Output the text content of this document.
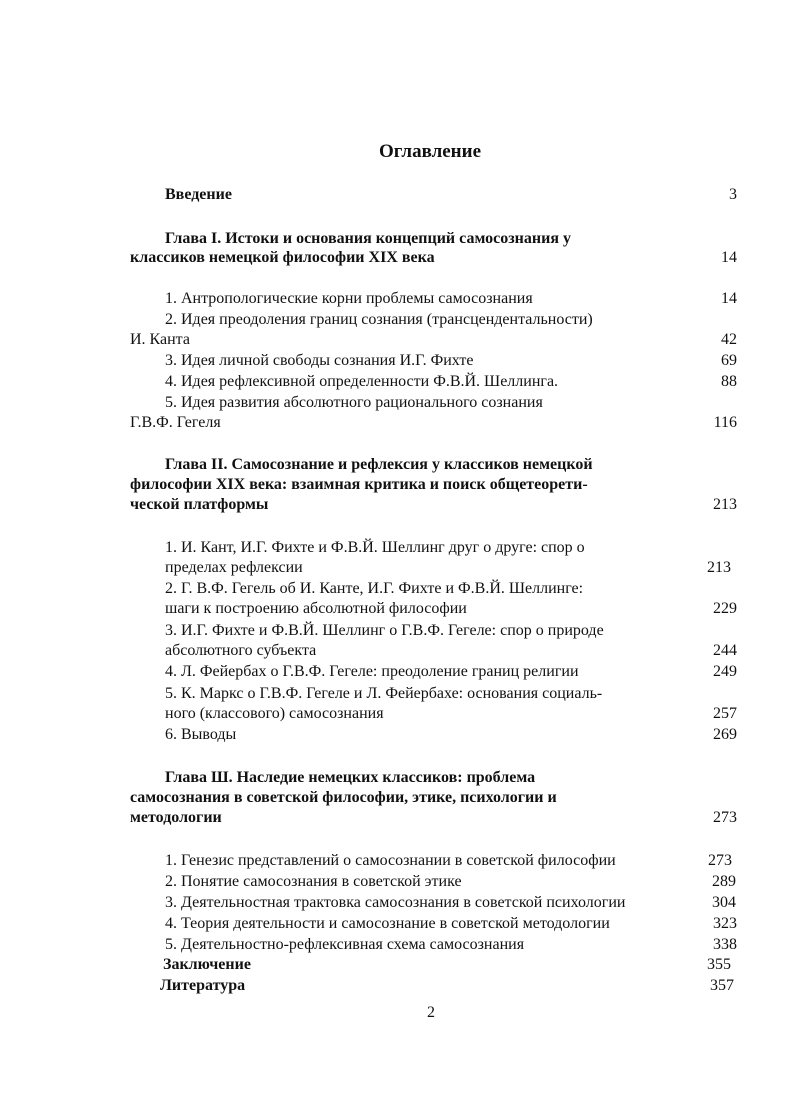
Оглавление
Введение	3
Глава I. Истоки и основания концепций самосознания у
классиков немецкой философии XIX века	14
1. Антропологические корни проблемы самосознания	14
2. Идея преодоления границ сознания (трансцендентальности)
И. Канта	42
3. Идея личной свободы сознания И.Г. Фихте	69
4. Идея рефлексивной определенности Ф.В.Й. Шеллинга.	88
5. Идея развития абсолютного рационального сознания
Г.В.Ф. Гегеля	116
Глава II. Самосознание и рефлексия у классиков немецкой
философии XIX века: взаимная критика и поиск общетеорети-
ческой платформы	213
1. И. Кант, И.Г. Фихте и Ф.В.Й. Шеллинг друг о друге: спор о
пределах рефлексии	213
2. Г. В.Ф. Гегель об И. Канте, И.Г. Фихте и Ф.В.Й. Шеллинге:
шаги к построению абсолютной философии	229
3. И.Г. Фихте и Ф.В.Й. Шеллинг о Г.В.Ф. Гегеле: спор о природе
абсолютного субъекта	244
4. Л. Фейербах о Г.В.Ф. Гегеле: преодоление границ религии	249
5. К. Маркс о Г.В.Ф. Гегеле и Л. Фейербахе: основания социаль-
ного (классового) самосознания	257
6. Выводы	269
Глава Ш. Наследие немецких классиков: проблема
самосознания в советской философии, этике, психологии и
методологии	273
1. Генезис представлений о самосознании в советской философии	273
2. Понятие самосознания в советской этике	289
3. Деятельностная трактовка самосознания в советской психологии	304
4. Теория деятельности и самосознание в советской методологии	323
5. Деятельностно-рефлексивная схема самосознания	338
Заключение	355
Литература	357
2
